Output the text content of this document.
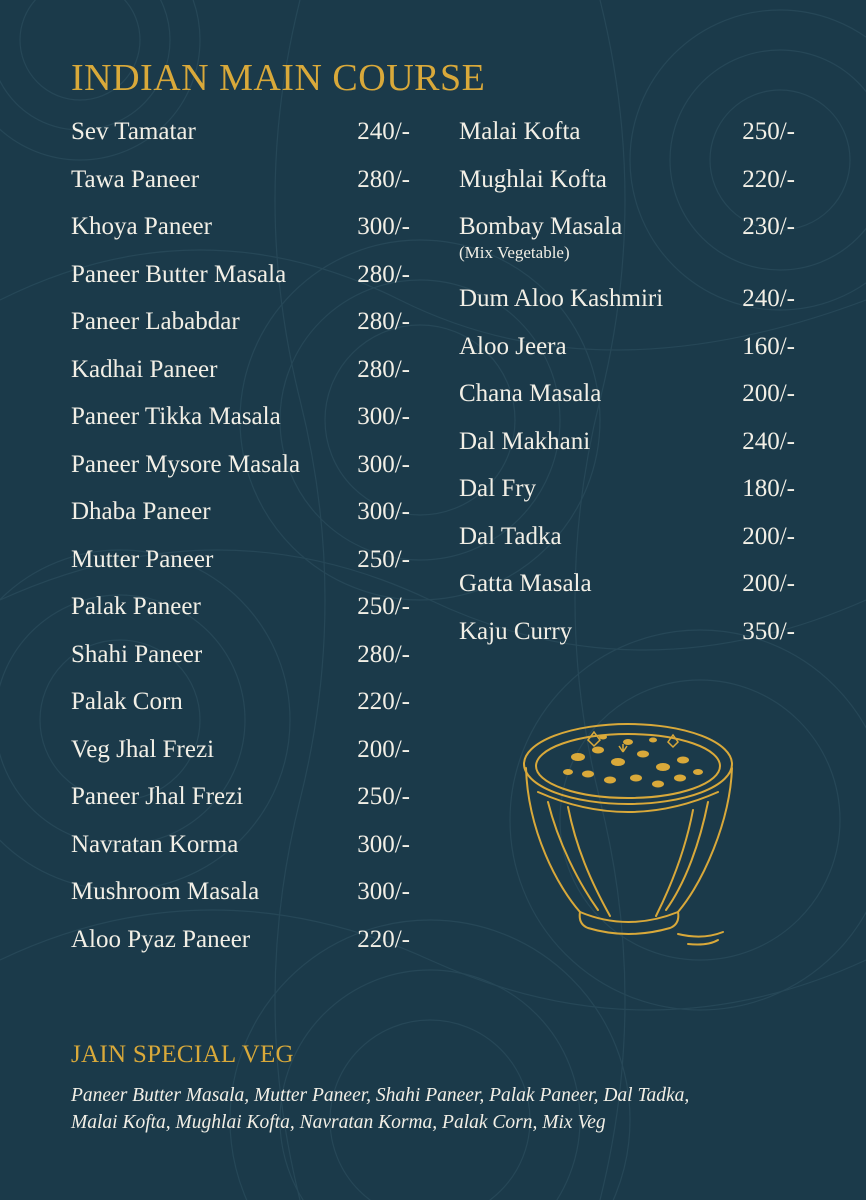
INDIAN MAIN COURSE
Sev Tamatar	240/-
Tawa Paneer	280/-
Khoya Paneer	300/-
Paneer Butter Masala	280/-
Paneer Lababdar	280/-
Kadhai Paneer	280/-
Paneer Tikka Masala	300/-
Paneer Mysore Masala 300/-
Dhaba Paneer	300/-
Mutter Paneer	250/-
Palak Paneer	250/-
Shahi Paneer	280/-
Palak Corn	220/-
Veg Jhal Frezi	200/-
Paneer Jhal Frezi	250/-
Navratan Korma	300/-
Mushroom Masala	300/-
Aloo Pyaz Paneer	220/-
Malai Kofta	250/-
Mughlai Kofta	220/-
Bombay Masala	230/-
(Mix Vegetable)
Dum Aloo Kashmiri	240/-
Aloo Jeera	160/-
Chana Masala	200/-
Dal Makhani	240/-
Dal Fry	180/-
Dal Tadka	200/-
Gatta Masala	200/-
Kaju Curry	350/-
JAIN SPECIAL VEG
Paneer Butter Masala, Mutter Paneer, Shahi Paneer, Palak Paneer, Dal Tadka,
Malai Kofta, Mughlai Kofta, Navratan Korma, Palak Corn, Mix Veg
